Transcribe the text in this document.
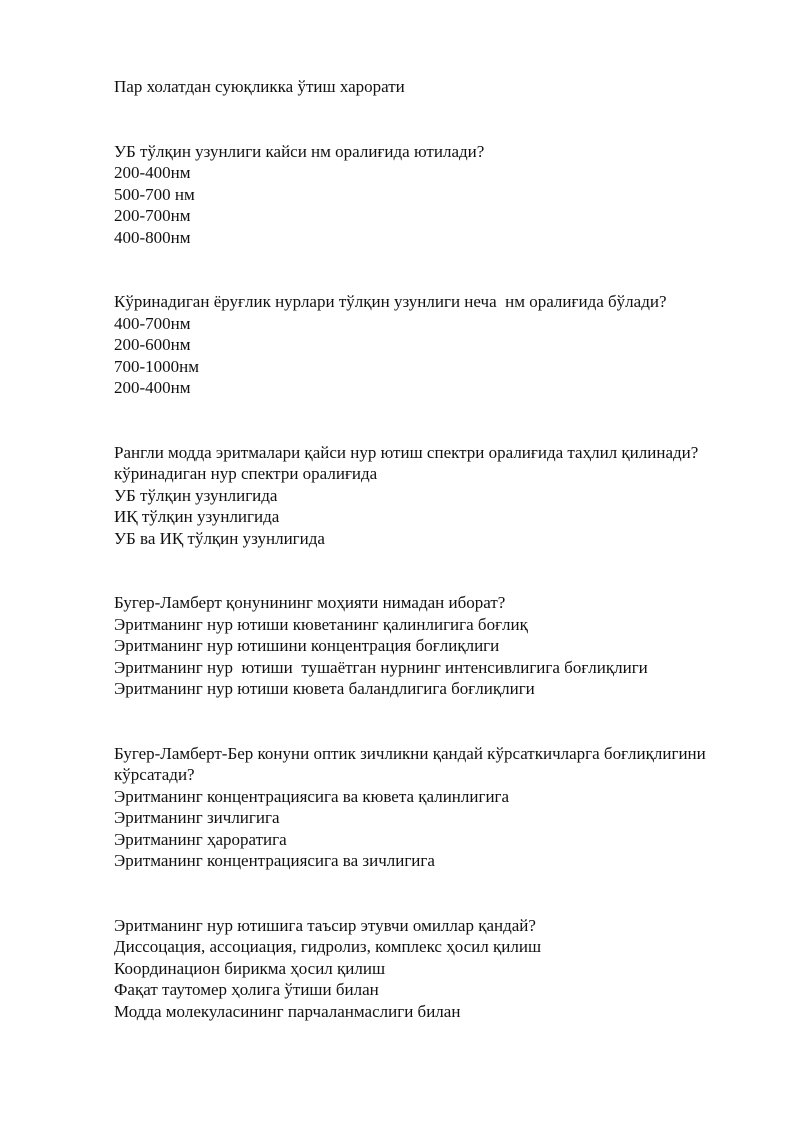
Пар холатдан суюқликка ўтиш харорати
УБ тўлқин узунлиги кайси нм оралиғида ютилади?
200-400нм
500-700 нм
200-700нм
400-800нм
Кўринадиган ёруғлик нурлари тўлқин узунлиги неча  нм оралиғида бўлади?
400-700нм
200-600нм
700-1000нм
200-400нм
Рангли модда эритмалари қайси нур ютиш спектри оралиғида таҳлил қилинади?
кўринадиган нур спектри оралиғида
УБ тўлқин узунлигида
ИҚ тўлқин узунлигида
УБ ва ИҚ тўлқин узунлигида
Бугер-Ламберт қонунининг моҳияти нимадан иборат?
Эритманинг нур ютиши кюветанинг қалинлигига боғлиқ
Эритманинг нур ютишини концентрация боғлиқлиги
Эритманинг нур  ютиши  тушаётган нурнинг интенсивлигига боғлиқлиги
Эритманинг нур ютиши кювета баландлигига боғлиқлиги
Бугер-Ламберт-Бер конуни оптик зичликни қандай кўрсаткичларга боғлиқлигини кўрсатади?
Эритманинг концентрациясига ва кювета қалинлигига
Эритманинг зичлигига
Эритманинг ҳароратига
Эритманинг концентрациясига ва зичлигига
Эритманинг нур ютишига таъсир этувчи омиллар қандай?
Диссоцация, ассоциация, гидролиз, комплекс ҳосил қилиш
Координацион бирикма ҳосил қилиш
Фақат таутомер ҳолига ўтиши билан
Модда молекуласининг парчаланмаслиги билан
